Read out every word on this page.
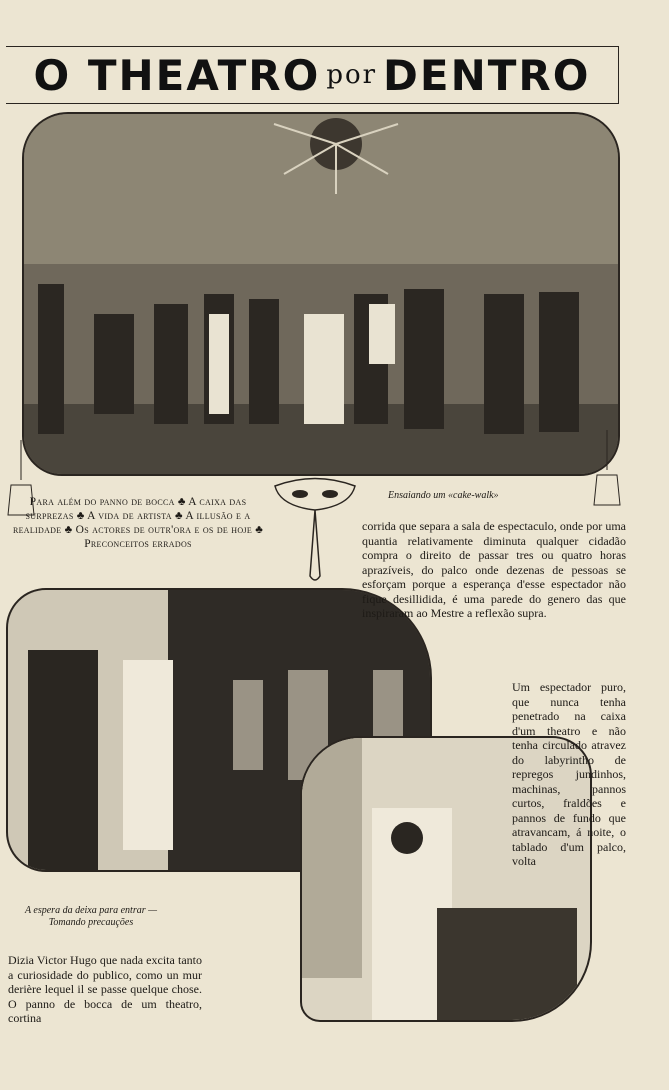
O THEATRO por DENTRO
Para além do panno de bocca ♣ A caixa das surprezas ♣ A vida de artista ♣ A illusão e a realidade ♣ Os actores de outr'ora e os de hoje ♣ Preconceitos errados
Ensaiando um «cake-walk»
A espera da deixa para entrar — Tomando precauções
corrida que separa a sala de espectaculo, onde por uma quantia relativamente diminuta qualquer cidadão compra o direito de passar tres ou quatro horas aprazíveis, do palco onde dezenas de pessoas se esforçam porque a esperança d'esse espectador não fique desillidida, é uma parede do genero das que inspiraram ao Mestre a reflexão supra.
Um espectador puro, que nunca tenha penetrado na caixa d'um theatro e não tenha circulado atravez do labyrintho de repregos jundinhos, machinas, pannos curtos, fraldões e pannos de fundo que atravancam, á noite, o tablado d'um palco, volta
Dizia Victor Hugo que nada excita tanto a curiosidade do publico, como un mur derière lequel il se passe quelque chose. O panno de bocca de um theatro, cortina
